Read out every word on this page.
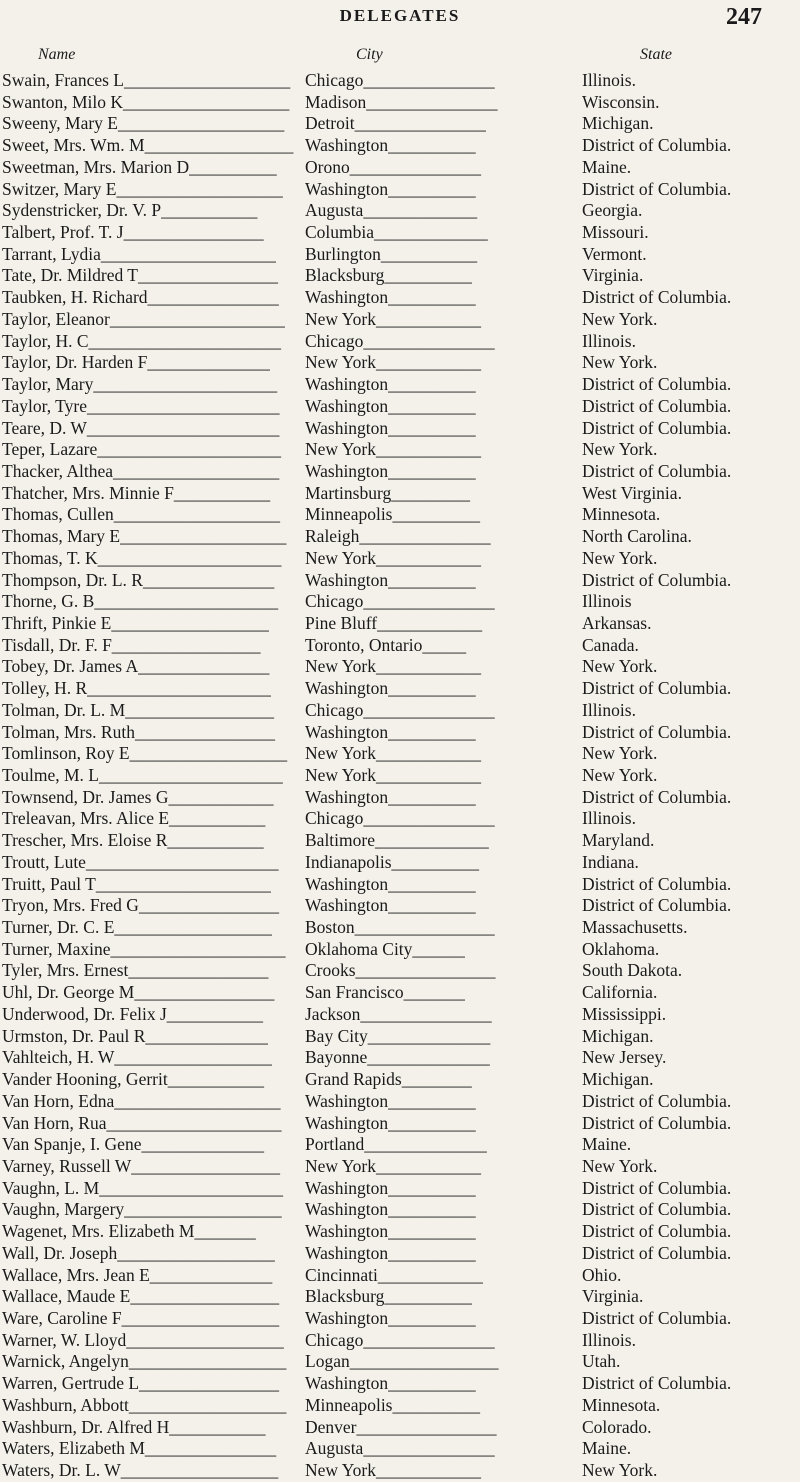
DELEGATES	247
Name	City	State
Swain, Frances L___________________ Chicago_______________	Illinois.
Swanton, Milo K___________________ Madison_______________	Wisconsin.
Sweeny, Mary E___________________	Detroit_______________	Michigan.
Sweet, Mrs. Wm. M_________________ Washington__________	District of Columbia.
Sweetman, Mrs. Marion D__________	Orono_______________	Maine.
Switzer, Mary E___________________	Washington__________	District of Columbia.
Sydenstricker, Dr. V. P___________	Augusta_____________	Georgia.
Talbert, Prof. T. J________________	Columbia_____________	Missouri.
Tarrant, Lydia____________________	Burlington___________	Vermont.
Tate, Dr. Mildred T________________	Blacksburg__________	Virginia.
Taubken, H. Richard_______________	Washington__________	District of Columbia.
Taylor, Eleanor____________________	New York____________	New York.
Taylor, H. C______________________	Chicago_______________	Illinois.
Taylor, Dr. Harden F______________	New York____________	New York.
Taylor, Mary_____________________	Washington__________	District of Columbia.
Taylor, Tyre______________________	Washington__________	District of Columbia.
Teare, D. W______________________	Washington__________	District of Columbia.
Teper, Lazare_____________________	New York____________	New York.
Thacker, Althea___________________	Washington__________	District of Columbia.
Thatcher, Mrs. Minnie F___________	Martinsburg_________	West Virginia.
Thomas, Cullen___________________	Minneapolis__________	Minnesota.
Thomas, Mary E___________________	Raleigh_______________	North Carolina.
Thomas, T. K_____________________	New York____________	New York.
Thompson, Dr. L. R_______________	Washington__________	District of Columbia.
Thorne, G. B_____________________	Chicago_______________	Illinois
Thrift, Pinkie E__________________	Pine Bluff____________	Arkansas.
Tisdall, Dr. F. F_________________	Toronto, Ontario_____	Canada.
Tobey, Dr. James A_______________	New York____________	New York.
Tolley, H. R_____________________	Washington__________	District of Columbia.
Tolman, Dr. L. M_________________	Chicago_______________	Illinois.
Tolman, Mrs. Ruth________________	Washington__________	District of Columbia.
Tomlinson, Roy E__________________	New York____________	New York.
Toulme, M. L_____________________	New York____________	New York.
Townsend, Dr. James G____________	Washington__________	District of Columbia.
Treleavan, Mrs. Alice E___________	Chicago_______________	Illinois.
Trescher, Mrs. Eloise R___________	Baltimore_____________	Maryland.
Troutt, Lute______________________	Indianapolis__________	Indiana.
Truitt, Paul T____________________	Washington__________	District of Columbia.
Tryon, Mrs. Fred G________________	Washington__________	District of Columbia.
Turner, Dr. C. E__________________	Boston________________	Massachusetts.
Turner, Maxine____________________	Oklahoma City______	Oklahoma.
Tyler, Mrs. Ernest________________	Crooks________________	South Dakota.
Uhl, Dr. George M________________	San Francisco_______	California.
Underwood, Dr. Felix J___________	Jackson_______________	Mississippi.
Urmston, Dr. Paul R______________	Bay City______________	Michigan.
Vahlteich, H. W__________________	Bayonne______________	New Jersey.
Vander Hooning, Gerrit___________	Grand Rapids________	Michigan.
Van Horn, Edna___________________	Washington__________	District of Columbia.
Van Horn, Rua____________________	Washington__________	District of Columbia.
Van Spanje, I. Gene______________	Portland______________	Maine.
Varney, Russell W_________________	New York____________	New York.
Vaughn, L. M_____________________	Washington__________	District of Columbia.
Vaughn, Margery__________________	Washington__________	District of Columbia.
Wagenet, Mrs. Elizabeth M_______	Washington__________	District of Columbia.
Wall, Dr. Joseph__________________	Washington__________	District of Columbia.
Wallace, Mrs. Jean E______________	Cincinnati____________	Ohio.
Wallace, Maude E_________________	Blacksburg__________	Virginia.
Ware, Caroline F__________________	Washington__________	District of Columbia.
Warner, W. Lloyd__________________	Chicago_______________	Illinois.
Warnick, Angelyn__________________	Logan_________________	Utah.
Warren, Gertrude L________________	Washington__________	District of Columbia.
Washburn, Abbott__________________	Minneapolis__________	Minnesota.
Washburn, Dr. Alfred H___________	Denver________________	Colorado.
Waters, Elizabeth M_______________	Augusta_______________	Maine.
Waters, Dr. L. W__________________	New York____________	New York.
